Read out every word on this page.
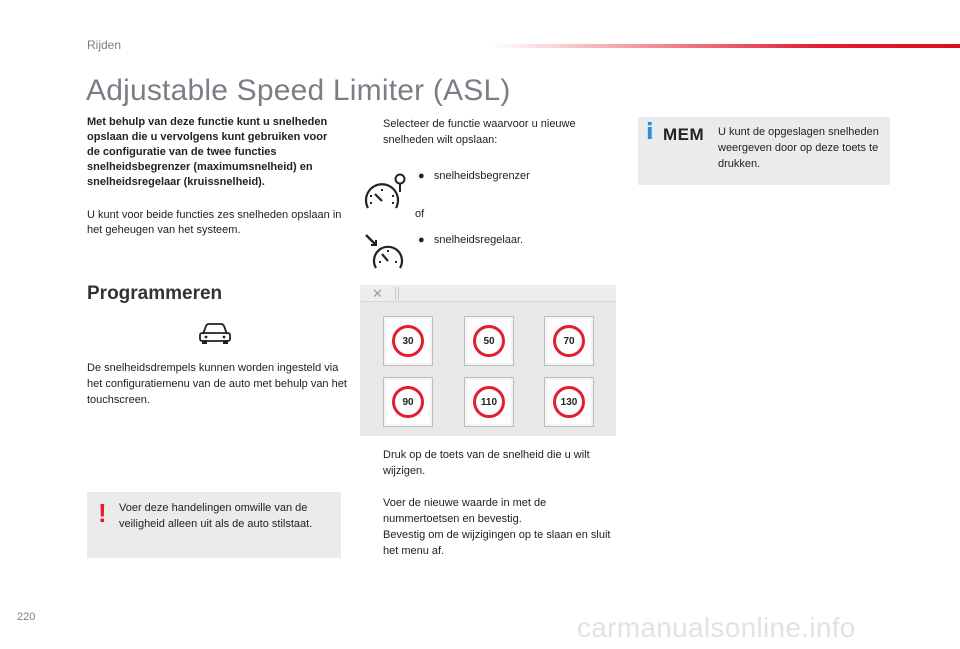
Rijden
Adjustable Speed Limiter (ASL)
Met behulp van deze functie kunt u snelheden opslaan die u vervolgens kunt gebruiken voor de configuratie van de twee functies snelheidsbegrenzer (maximumsnelheid) en snelheidsregelaar (kruissnelheid).
U kunt voor beide functies zes snelheden opslaan in het geheugen van het systeem.
Programmeren
De snelheidsdrempels kunnen worden ingesteld via het configuratiemenu van de auto met behulp van het touchscreen.
! Voer deze handelingen omwille van de veiligheid alleen uit als de auto stilstaat.
Selecteer de functie waarvoor u nieuwe snelheden wilt opslaan:
● snelheidsbegrenzer
of
● snelheidsregelaar.
✕
30	50	70
90	110	130
Druk op de toets van de snelheid die u wilt wijzigen.
Voer de nieuwe waarde in met de nummertoetsen en bevestig.
Bevestig om de wijzigingen op te slaan en sluit het menu af.
i MEM U kunt de opgeslagen snelheden weergeven door op deze toets te drukken.
220	carmanualsonline.info
